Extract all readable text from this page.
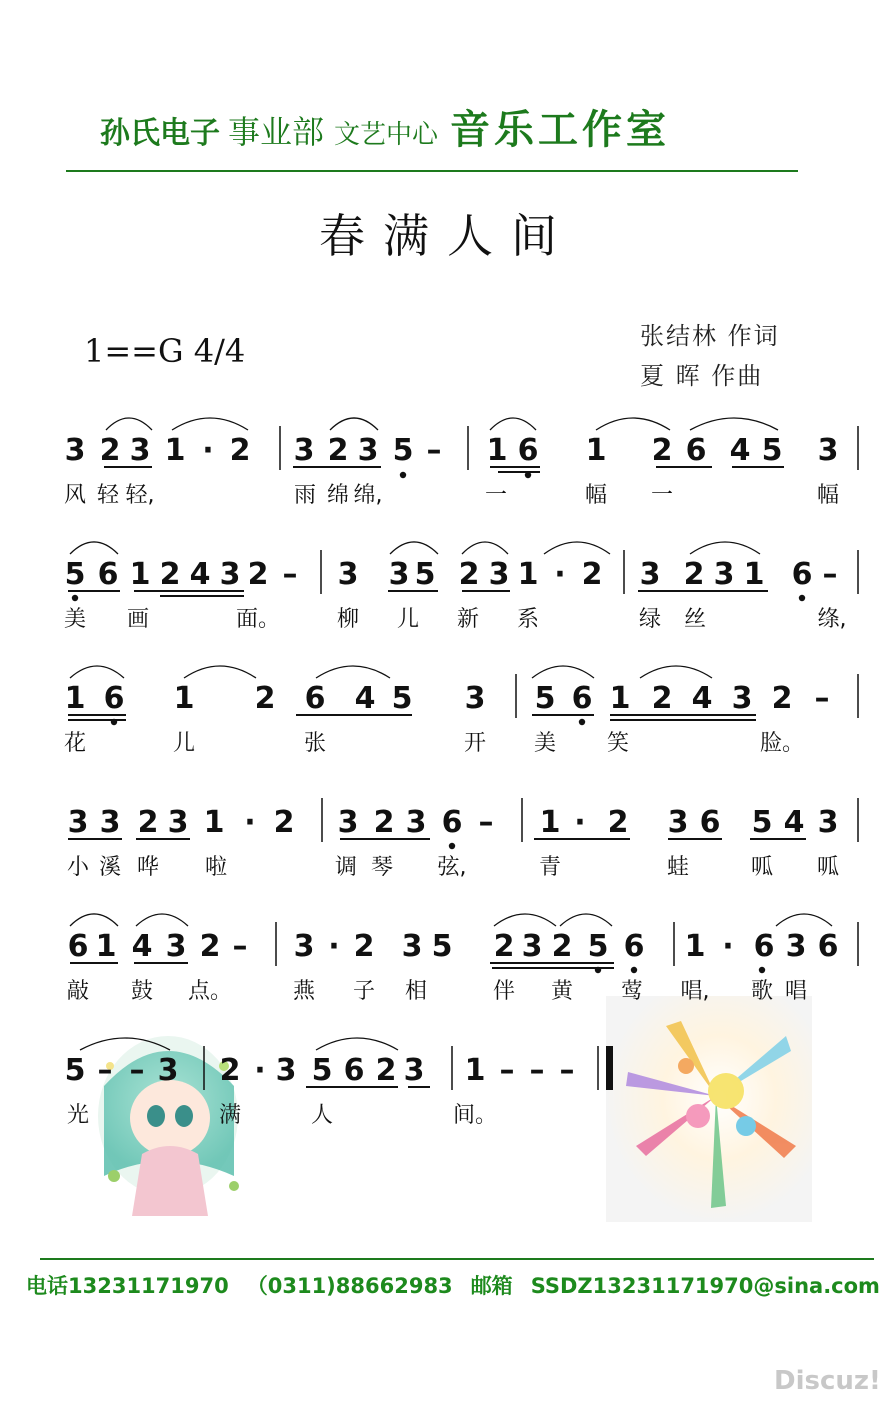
孙氏电子 事业部 文艺中心 音乐工作室
春满人间
1==G 4/4	张结林 作词
夏 晖 作曲
3 2 3 1 · 2 3 2 3 5 – 1 6 1 2 6 4 5 3
风 轻 轻,	雨 绵 绵,	一	幅 一	幅
5 6 1 2 4 3 2 – 3 3 5 2 3 1 · 2 3 2 3 1 6 –
美 画	面。	柳 儿 新 系	绿 丝	绦,
1 6 1 2 6 4 5 3 5 6 1 2 4 3 2 –
花	儿	张	开 美 笑	脸。
3 3 2 3 1 · 2 3 2 3 6 – 1 · 2 3 6 5 4 3
小 溪 哗 啦	调 琴 弦,	青	蛙	呱 呱
6 1 4 3 2 – 3 · 2 3 5 2 3 2 5 6 1 · 6 3 6
敲 鼓 点。	燕 子 相	伴 黄 莺 唱, 歌 唱
5 – – 3 2 · 3 5 6 2 3 1 – – –
光	满	人	间。
电话13231171970 （0311)88662983 邮箱 SSDZ13231171970@sina.com
Discuz!
